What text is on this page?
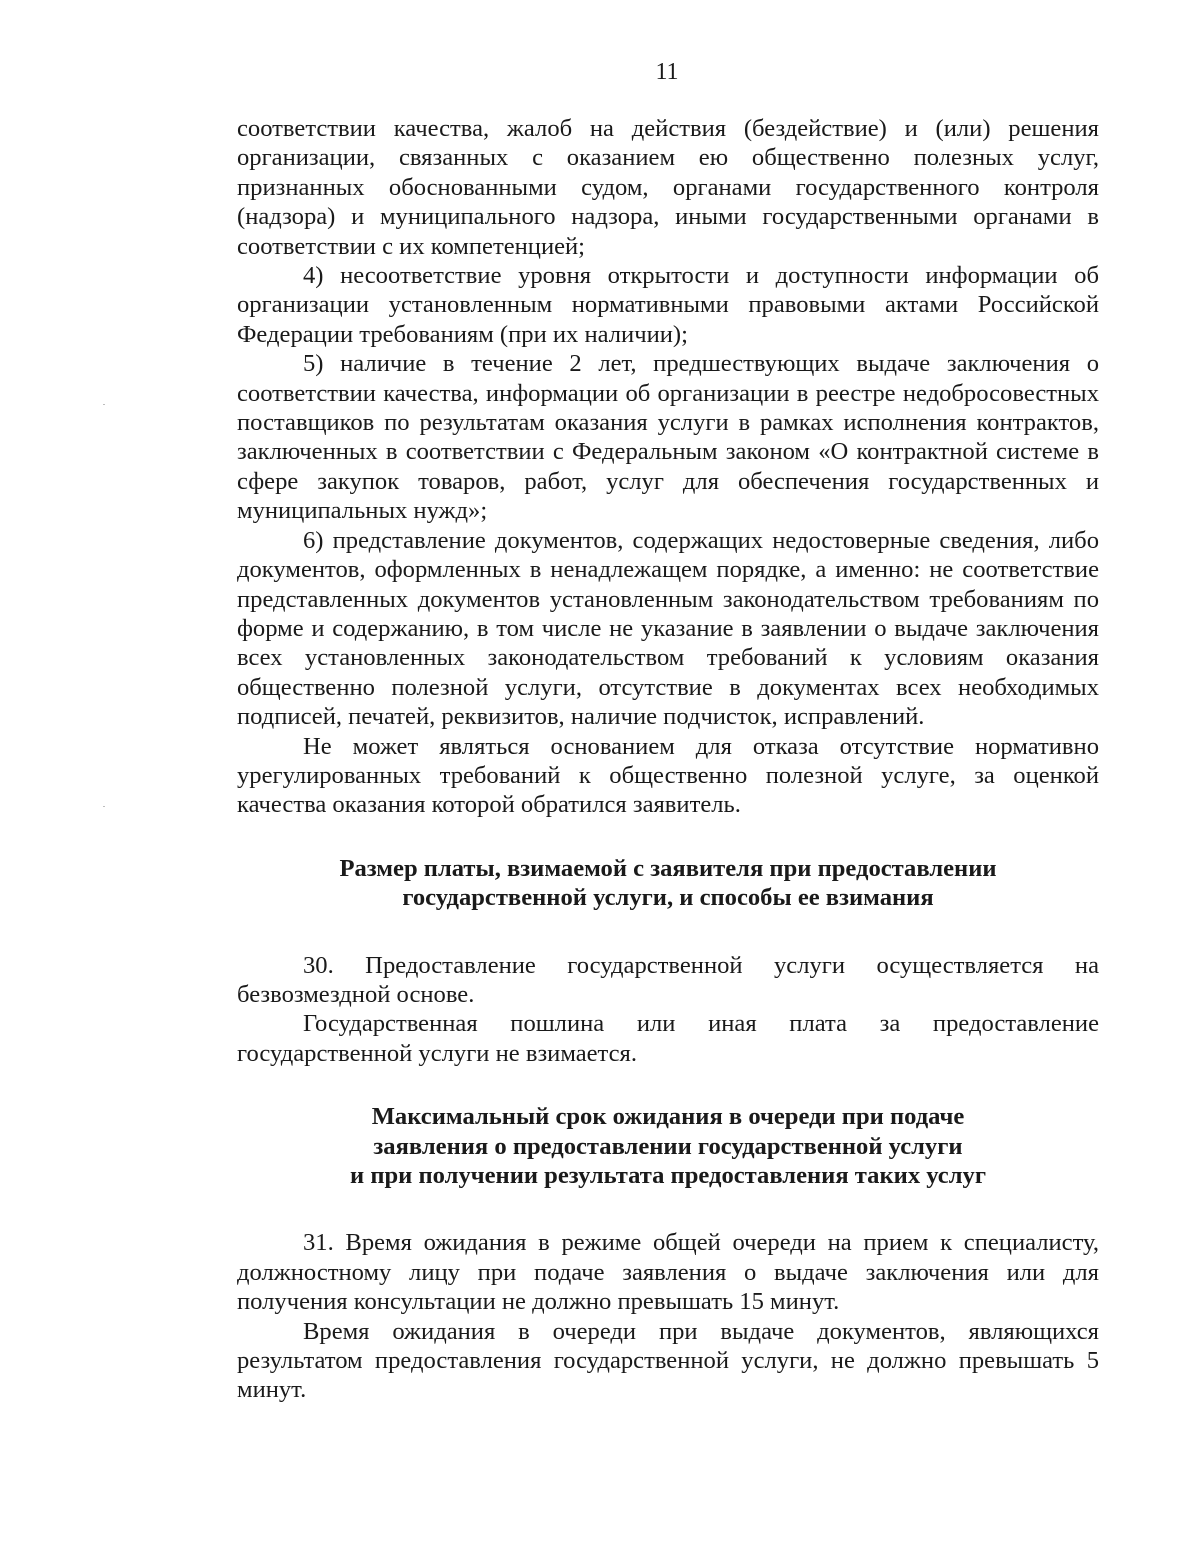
11

соответствии качества, жалоб на действия (бездействие) и (или) решения организации, связанных с оказанием ею общественно полезных услуг, признанных обоснованными судом, органами государственного контроля (надзора) и муниципального надзора, иными государственными органами в соответствии с их компетенцией;

4) несоответствие уровня открытости и доступности информации об организации установленным нормативными правовыми актами Российской Федерации требованиям (при их наличии);

5) наличие в течение 2 лет, предшествующих выдаче заключения о соответствии качества, информации об организации в реестре недобросовестных поставщиков по результатам оказания услуги в рамках исполнения контрактов, заключенных в соответствии с Федеральным законом «О контрактной системе в сфере закупок товаров, работ, услуг для обеспечения государственных и муниципальных нужд»;

6) представление документов, содержащих недостоверные сведения, либо документов, оформленных в ненадлежащем порядке, а именно: не соответствие представленных документов установленным законодательством требованиям по форме и содержанию, в том числе не указание в заявлении о выдаче заключения всех установленных законодательством требований к условиям оказания общественно полезной услуги, отсутствие в документах всех необходимых подписей, печатей, реквизитов, наличие подчисток, исправлений.

Не может являться основанием для отказа отсутствие нормативно урегулированных требований к общественно полезной услуге, за оценкой качества оказания которой обратился заявитель.

Размер платы, взимаемой с заявителя при предоставлении
государственной услуги, и способы ее взимания

30. Предоставление государственной услуги осуществляется на безвозмездной основе.

Государственная пошлина или иная плата за предоставление государственной услуги не взимается.

Максимальный срок ожидания в очереди при подаче
заявления о предоставлении государственной услуги
и при получении результата предоставления таких услуг

31. Время ожидания в режиме общей очереди на прием к специалисту, должностному лицу при подаче заявления о выдаче заключения или для получения консультации не должно превышать 15 минут.

Время ожидания в очереди при выдаче документов, являющихся результатом предоставления государственной услуги, не должно превышать 5 минут.
